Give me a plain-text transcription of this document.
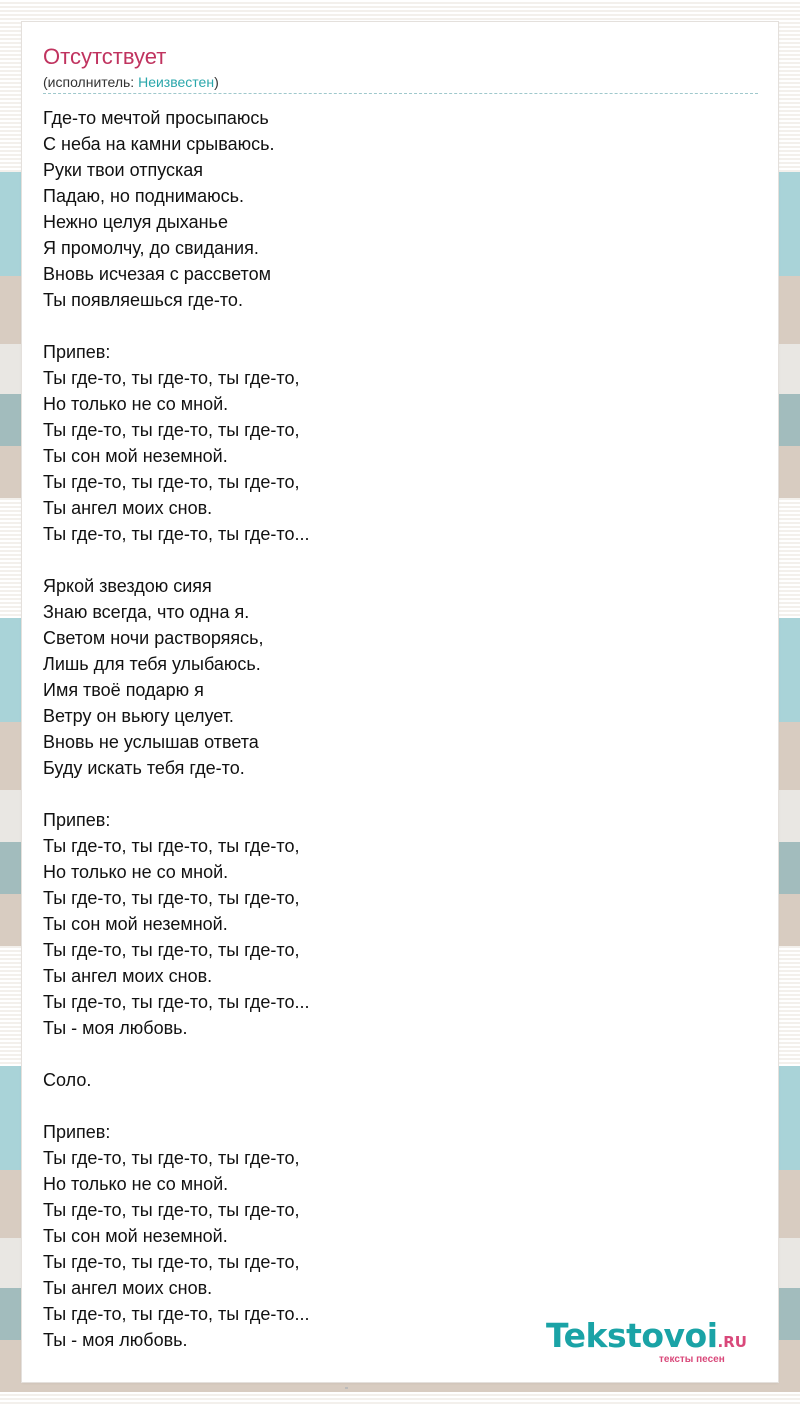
Отсутствует
(исполнитель: Неизвестен)
Где-то мечтой просыпаюсь
С неба на камни срываюсь.
Руки твои отпуская
Падаю, но поднимаюсь.
Нежно целуя дыханье
Я промолчу, до свидания.
Вновь исчезая с рассветом
Ты появляешься где-то.
Припев:
Ты где-то, ты где-то, ты где-то,
Но только не со мной.
Ты где-то, ты где-то, ты где-то,
Ты сон мой неземной.
Ты где-то, ты где-то, ты где-то,
Ты ангел моих снов.
Ты где-то, ты где-то, ты где-то...
Яркой звездою сияя
Знаю всегда, что одна я.
Светом ночи растворяясь,
Лишь для тебя улыбаюсь.
Имя твоё подарю я
Ветру он вьюгу целует.
Вновь не услышав ответа
Буду искать тебя где-то.
Припев:
Ты где-то, ты где-то, ты где-то,
Но только не со мной.
Ты где-то, ты где-то, ты где-то,
Ты сон мой неземной.
Ты где-то, ты где-то, ты где-то,
Ты ангел моих снов.
Ты где-то, ты где-то, ты где-то...
Ты - моя любовь.
Соло.
Припев:
Ты где-то, ты где-то, ты где-то,
Но только не со мной.
Ты где-то, ты где-то, ты где-то,
Ты сон мой неземной.
Ты где-то, ты где-то, ты где-то,
Ты ангел моих снов.
Ты где-то, ты где-то, ты где-то...
Ты - моя любовь.	Tekstovoi.RU
тексты песен
